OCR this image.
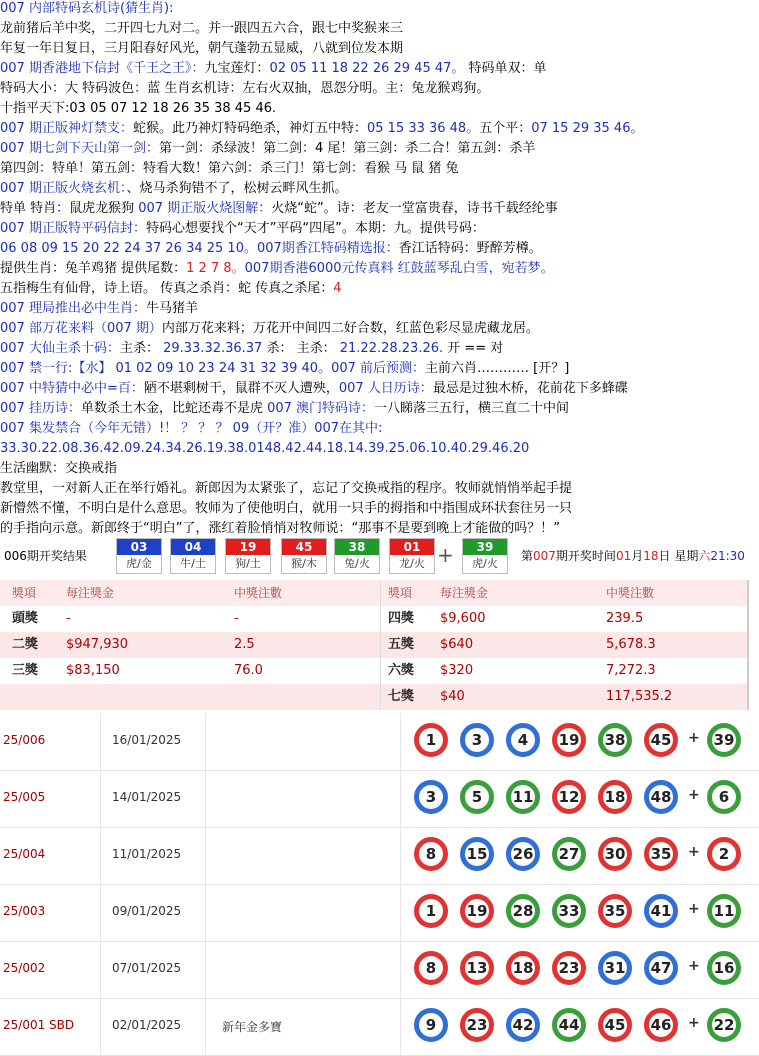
007 内部特码玄机诗(猜生肖):
龙前猪后羊中奖，二开四七九对二。并一跟四五六合，跟七中奖猴来三
年复一年日复日，三月阳春好风光，朝气蓬勃五显威，八就到位发本期
007 期香港地下信封《千王之王》：九宝莲灯：02 05 11 18 22 26 29 45 47。 特码单双：单
特码大小：大 特码波色：蓝 生肖玄机诗：左右火双抽，恩怨分明。主：兔龙猴鸡狗。
十指平天下:03 05 07 12 18 26 35 38 45 46.
007 期正版神灯禁支：蛇猴。此乃神灯特码绝杀，神灯五中特：05 15 33 36 48。五个平：07 15 29 35 46。
007 期七剑下天山第一剑：第一剑：杀绿波！第二剑：4 尾！第三剑：杀二合！第五剑：杀羊
第四剑：特单！第五剑：特看大数！第六剑：杀三门！第七剑：看猴 马 鼠 猪 兔
007 期正版火烧玄机：、烧马杀狗错不了，松树云畔风生抓。
特单 特肖：鼠虎龙猴狗 007 期正版火烧图解：火烧“蛇”。诗：老友一堂富贵春，诗书千载经纶事
007 期正版特平码信封：特码心想要找个“天才”平码“四尾”。本期：九。提供号码：
06 08 09 15 20 22 24 37 26 34 25 10。007期香江特码精选报：香江话特码：野醉芳樽。
提供生肖：兔羊鸡猪 提供尾数：1 2 7 8。007期香港6000元传真料 红鼓蓝琴乱白雪，宛若梦。
五指梅生有仙骨，诗上语。 传真之杀肖：蛇 传真之杀尾：4
007 理局推出必中生肖：牛马猪羊
007 部万花来料（007 期）内部万花来料；万花开中间四二好合数，红蓝色彩尽显虎藏龙居。
007 大仙主杀十码：主杀： 29.33.32.36.37 杀： 主杀： 21.22.28.23.26. 开 == 对
007 禁一行:【水】 01 02 09 10 23 24 31 32 39 40。007 前后预测：主前六肖………… [开？]
007 中特猜中必中=百：陋不堪剩树干，鼠群不灭人遭殃，007 人日历诗：最忌是过独木桥，花前花下多蜂碟
007 挂历诗：单数杀土木金，比蛇还毒不是虎 007 澳门特码诗：一八睇落三五行，横三直二十中间
007 集发禁合（今年无错）!！ ？ ？ ？ 09（开？准）007在其中:
33.30.22.08.36.42.09.24.34.26.19.38.0148.42.44.18.14.39.25.06.10.40.29.46.20
生活幽默：交换戒指
教堂里，一对新人正在举行婚礼。新郎因为太紧张了，忘记了交换戒指的程序。牧师就悄悄举起手提
新懵然不懂，不明白是什么意思。牧师为了使他明白，就用一只手的拇指和中指围成环状套往另一只
的手指向示意。新郎终于“明白”了，涨红着脸悄悄对牧师说：“那事不是要到晚上才能做的吗？！”
006期开奖结果
03
虎/金
04
牛/土
19
狗/土
45
猴/木
38
兔/火
01
龙/火
39
虎/火
+	第007期开奖时间01月18日 星期六21:30
獎項 每注獎金	中獎注數	獎項 每注獎金	中獎注數
頭獎 -	-	四獎 $9,600	239.5
二獎 $947,930	2.5	五獎 $640	5,678.3
三獎 $83,150	76.0	六獎 $320	7,272.3
七獎 $40	117,535.2
25/006	16/01/2025	1	3	4	19	38	45	+ 39
25/005	14/01/2025	3	5	11	12	18	48	+	6
25/004	11/01/2025	8	15	26	27	30	35	+	2
25/003	09/01/2025	1	19	28	33	35	41	+ 11
25/002	07/01/2025	8	13	18	23	31	47	+ 16
25/001 SBD	02/01/2025	新年金多寶	9	23	42	44	45	46	+ 22
